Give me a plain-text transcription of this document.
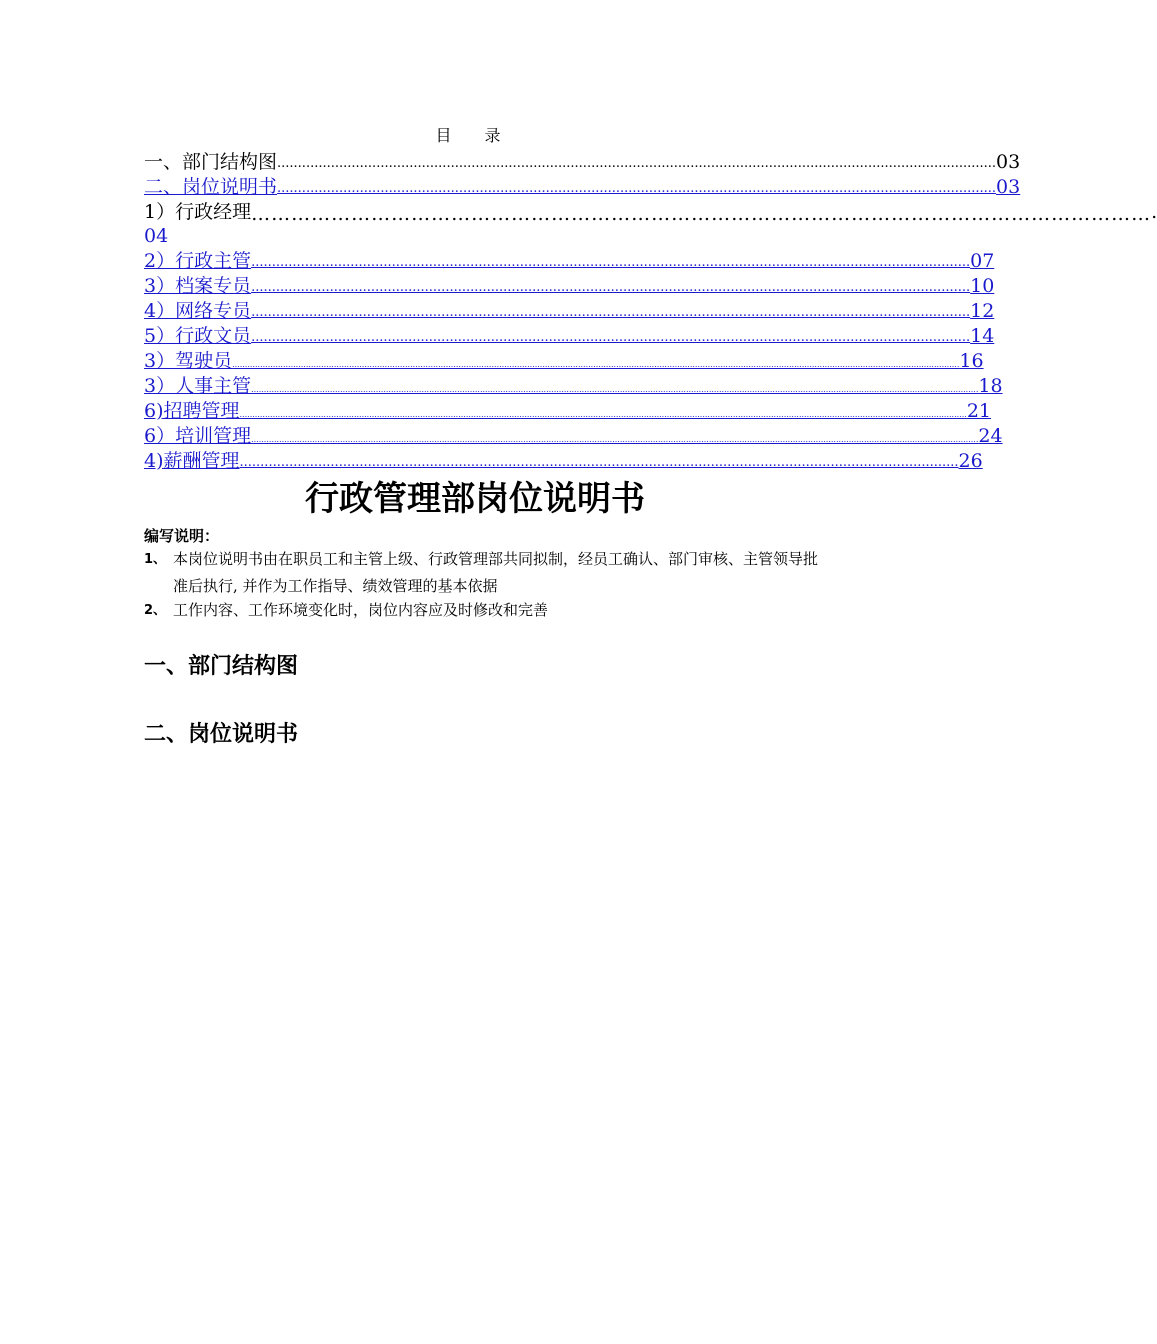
目 录
一、部门结构图 .............................................................................................................................................................................. 03
二、岗位说明书 .............................................................................................................................................................................. 03
1）行政经理 ……………………………………………………………………………………………………………………… .
04
2）行政主管 .............................................................................................................................................................................. 07
3）档案专员 .............................................................................................................................................................................. 10
4）网络专员 .............................................................................................................................................................................. 12
5）行政文员 .............................................................................................................................................................................. 14
3）驾驶员 .............................................................................................................................................................................................................................................................................................. 16
3）人事主管 .............................................................................................................................................................................................................................................................................................. 18
6)招聘管理 .............................................................................................................................................................................................................................................................................................. 21
6）培训管理 .............................................................................................................................................................................................................................................................................................. 24
4)薪酬管理 .............................................................................................................................................................................. 26
行政管理部岗位说明书
编写说明：
1、 本岗位说明书由在职员工和主管上级、行政管理部共同拟制，经员工确认、部门审核、主管领导批准后执行, 并作为工作指导、绩效管理的基本依据
2、 工作内容、工作环境变化时，岗位内容应及时修改和完善
一、部门结构图
二、岗位说明书
